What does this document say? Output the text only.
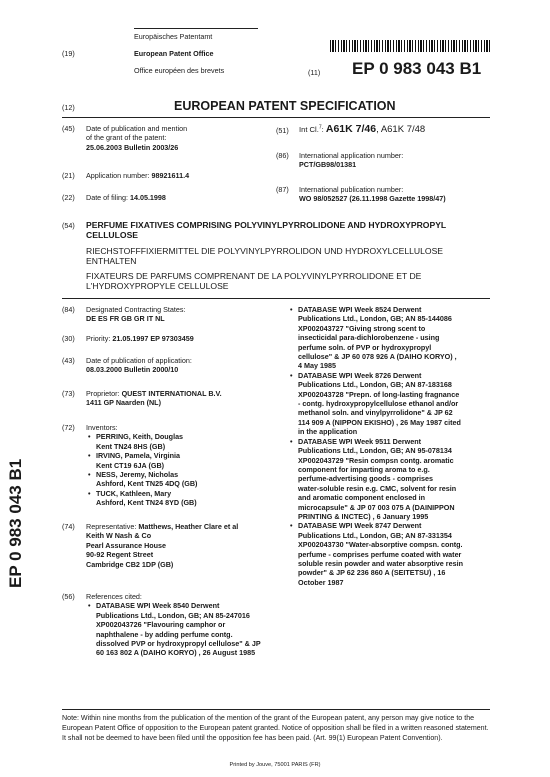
Europäisches Patentamt
European Patent Office
Office européen des brevets
(19)
(11) EP 0 983 043 B1
(12)	EUROPEAN PATENT SPECIFICATION
(45) Date of publication and mention
of the grant of the patent:
25.06.2003 Bulletin 2003/26
(21) Application number: 98921611.4
(22) Date of filing: 14.05.1998
(51) Int Cl.$^7$: A61K 7/46, A61K 7/48
(86) International application number:
PCT/GB98/01381
(87) International publication number:
WO 98/052527 (26.11.1998 Gazette 1998/47)
(54) PERFUME FIXATIVES COMPRISING POLYVINYLPYRROLIDONE AND HYDROXYPROPYL CELLULOSE
RIECHSTOFFFIXIERMITTEL DIE POLYVINYLPYRROLIDON UND HYDROXYLCELLULOSE ENTHALTEN
FIXATEURS DE PARFUMS COMPRENANT DE LA POLYVINYLPYRROLIDONE ET DE L'HYDROXYPROPYLE CELLULOSE
(84) Designated Contracting States:
DE ES FR GB GR IT NL
(30) Priority: 21.05.1997 EP 97303459
(43) Date of publication of application:
08.03.2000 Bulletin 2000/10
(73) Proprietor: QUEST INTERNATIONAL B.V.
1411 GP Naarden (NL)
(72) Inventors:
• PERRING, Keith, Douglas
Kent TN24 8HS (GB)
• IRVING, Pamela, Virginia
Kent CT19 6JA (GB)
• NESS, Jeremy, Nicholas
Ashford, Kent TN25 4DQ (GB)
• TUCK, Kathleen, Mary
Ashford, Kent TN24 8YD (GB)
(74) Representative: Matthews, Heather Clare et al
Keith W Nash & Co
Pearl Assurance House
90-92 Regent Street
Cambridge CB2 1DP (GB)
(56) References cited:
• DATABASE WPI Week 8540 Derwent
Publications Ltd., London, GB; AN 85-247016
XP002043726 "Flavouring camphor or
naphthalene - by adding perfume contg.
dissolved PVP or hydroxypropyl cellulose" & JP
60 163 802 A (DAIHO KORYO) , 26 August 1985
• DATABASE WPI Week 8524 Derwent
Publications Ltd., London, GB; AN 85-144086
XP002043727 "Giving strong scent to
insecticidal para-dichlorobenzene - using
perfume soln. of PVP or hydroxypropyl
cellulose" & JP 60 078 926 A (DAIHO KORYO) ,
4 May 1985
• DATABASE WPI Week 8726 Derwent
Publications Ltd., London, GB; AN 87-183168
XP002043728 "Prepn. of long-lasting fragnance
- contg. hydroxypropylcellulose ethanol and/or
methanol soln. and vinylpyrrolidone" & JP 62
114 909 A (NIPPON EKISHO) , 26 May 1987 cited
in the application
• DATABASE WPI Week 9511 Derwent
Publications Ltd., London, GB; AN 95-078134
XP002043729 "Resin compsn contg. aromatic
component for imparting aroma to e.g.
perfume-advertising goods - comprises
water-soluble resin e.g. CMC, solvent for resin
and aromatic component enclosed in
microcapsule" & JP 07 003 075 A (DAINIPPON
PRINTING & INCTEC) , 6 January 1995
• DATABASE WPI Week 8747 Derwent
Publications Ltd., London, GB; AN 87-331354
XP002043730 "Water-absorptive compsn. contg.
perfume - comprises perfume coated with water
soluble resin powder and water absorptive resin
powder" & JP 62 236 860 A (SEITETSU) , 16
October 1987
EP 0 983 043 B1
Note: Within nine months from the publication of the mention of the grant of the European patent, any person may give notice to the European Patent Office of opposition to the European patent granted. Notice of opposition shall be filed in a written reasoned statement. It shall not be deemed to have been filed until the opposition fee has been paid. (Art. 99(1) European Patent Convention).
Printed by Jouve, 75001 PARIS (FR)
